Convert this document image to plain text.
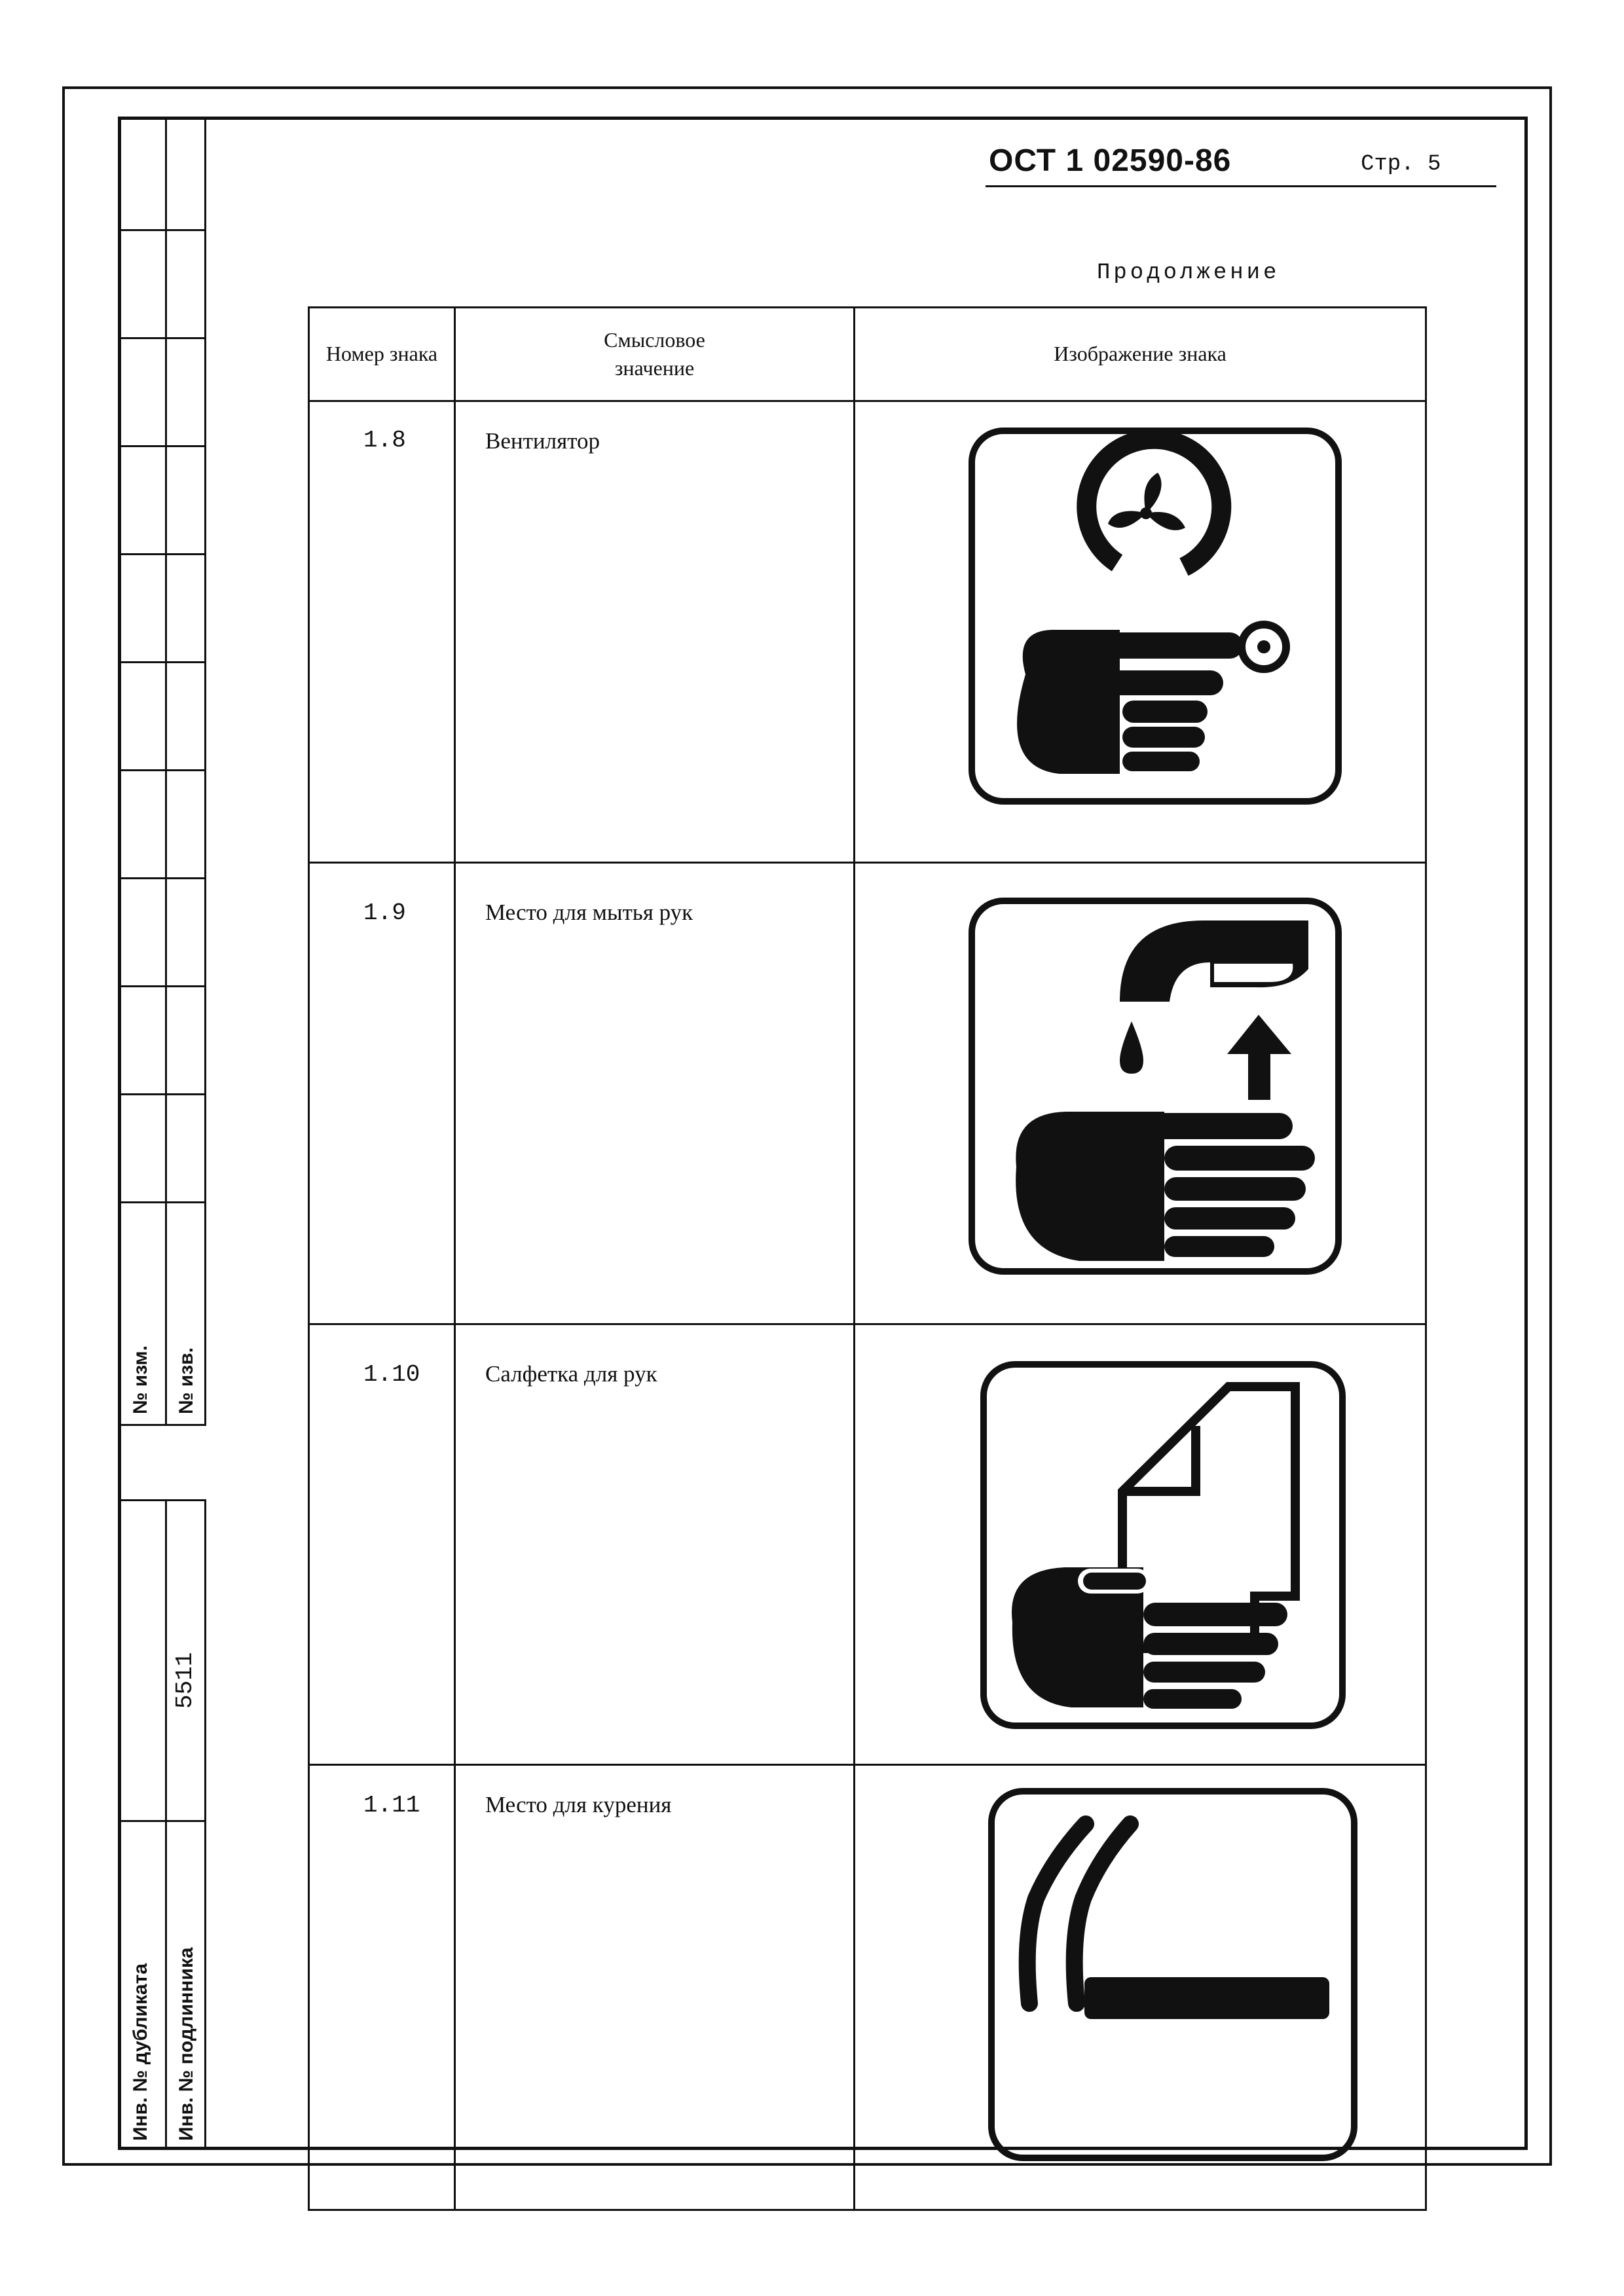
№ изм. № изв.
Инв. № дубликата Инв. № подлинника
5511
ОСТ 1 02590-86	Стр. 5
Продолжение
Номер знака	Смысловое значение	Изображение знака

1.8	Вентилятор	

1.9	Место для мытья рук	

1.10	Салфетка для рук	

1.11	Место для курения	
